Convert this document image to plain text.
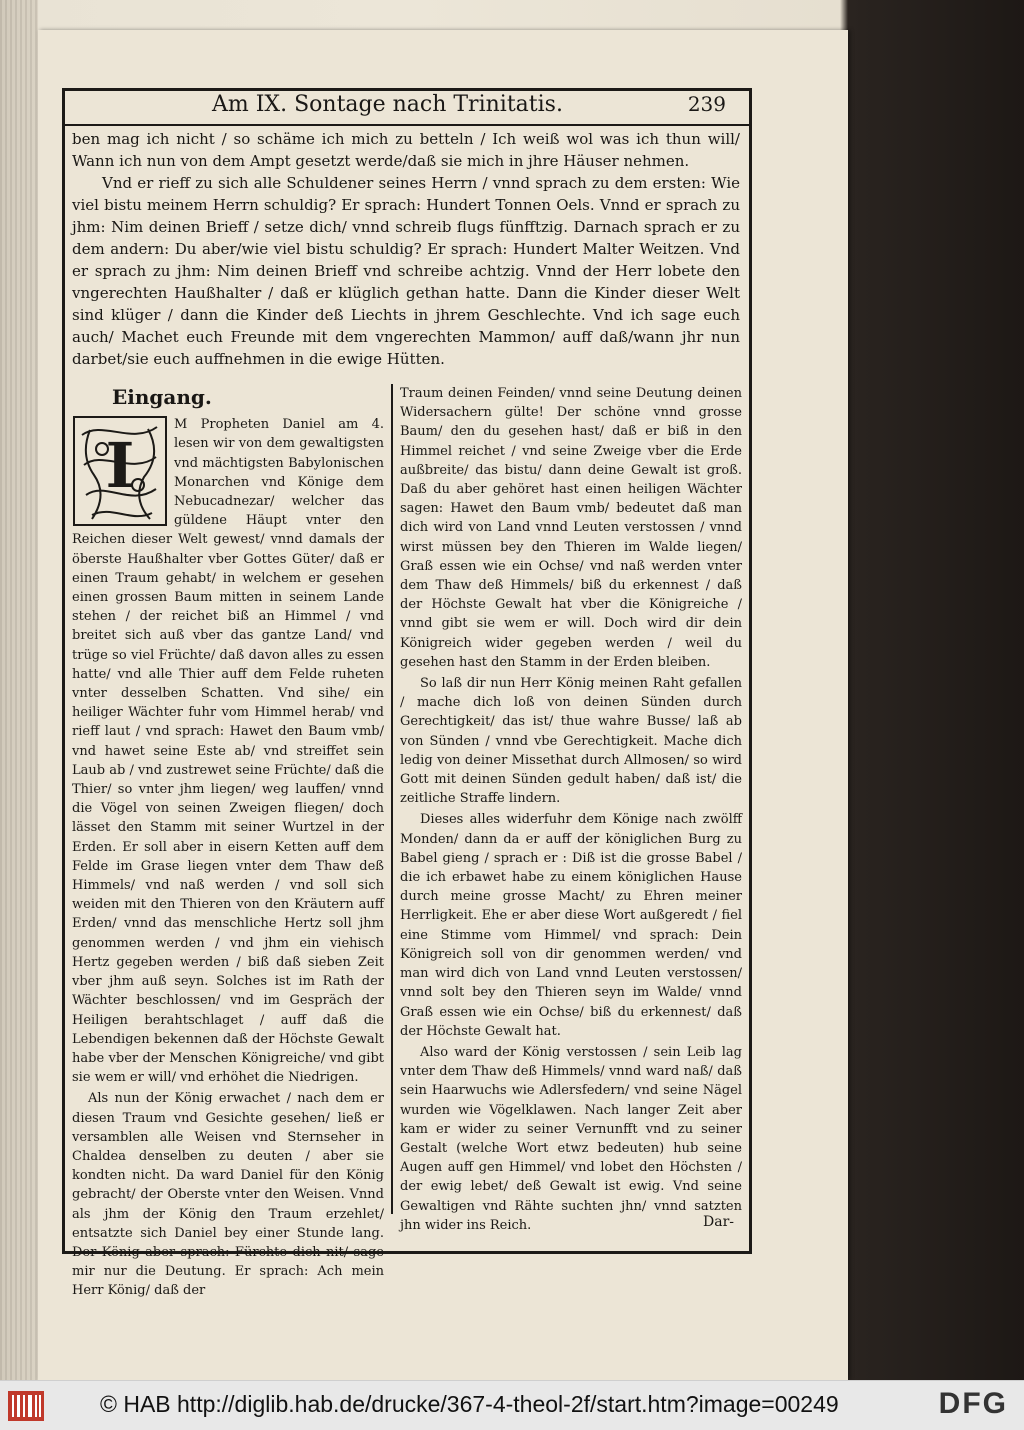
Am IX. Sontage nach Trinitatis.	239

ben mag ich nicht / so schäme ich mich zu betteln / Ich weiß wol was ich thun will/ Wann ich nun von dem Ampt gesetzt werde/daß sie mich in jhre Häuser nehmen.

Vnd er rieff zu sich alle Schuldener seines Herrn / vnnd sprach zu dem ersten: Wie viel bistu meinem Herrn schuldig? Er sprach: Hundert Tonnen Oels. Vnnd er sprach zu jhm: Nim deinen Brieff / setze dich/ vnnd schreib flugs fünfftzig. Darnach sprach er zu dem andern: Du aber/wie viel bistu schuldig? Er sprach: Hundert Malter Weitzen. Vnd er sprach zu jhm: Nim deinen Brieff vnd schreibe achtzig. Vnnd der Herr lobete den vngerechten Haußhalter / daß er klüglich gethan hatte. Dann die Kinder dieser Welt sind klüger / dann die Kinder deß Liechts in jhrem Geschlechte. Vnd ich sage euch auch/ Machet euch Freunde mit dem vngerechten Mammon/ auff daß/wann jhr nun darbet/sie euch auffnehmen in die ewige Hütten.

Eingang.
I

M Propheten Daniel am 4. lesen wir von dem gewaltigsten vnd mächtigsten Babylonischen Monarchen vnd Könige dem Nebucadnezar/ welcher das güldene Häupt vnter den Reichen dieser Welt gewest/ vnnd damals der öberste Haußhalter vber Gottes Güter/ daß er einen Traum gehabt/ in welchem er gesehen einen grossen Baum mitten in seinem Lande stehen / der reichet biß an Himmel / vnd breitet sich auß vber das gantze Land/ vnd trüge so viel Früchte/ daß davon alles zu essen hatte/ vnd alle Thier auff dem Felde ruheten vnter desselben Schatten. Vnd sihe/ ein heiliger Wächter fuhr vom Himmel herab/ vnd rieff laut / vnd sprach: Hawet den Baum vmb/ vnd hawet seine Este ab/ vnd streiffet sein Laub ab / vnd zustrewet seine Früchte/ daß die Thier/ so vnter jhm liegen/ weg lauffen/ vnnd die Vögel von seinen Zweigen fliegen/ doch lässet den Stamm mit seiner Wurtzel in der Erden. Er soll aber in eisern Ketten auff dem Felde im Grase liegen vnter dem Thaw deß Himmels/ vnd naß werden / vnd soll sich weiden mit den Thieren von den Kräutern auff Erden/ vnnd das menschliche Hertz soll jhm genommen werden / vnd jhm ein viehisch Hertz gegeben werden / biß daß sieben Zeit vber jhm auß seyn. Solches ist im Rath der Wächter beschlossen/ vnd im Gespräch der Heiligen berahtschlaget / auff daß die Lebendigen bekennen daß der Höchste Gewalt habe vber der Menschen Königreiche/ vnd gibt sie wem er will/ vnd erhöhet die Niedrigen.

Als nun der König erwachet / nach dem er diesen Traum vnd Gesichte gesehen/ ließ er versamblen alle Weisen vnd Sternseher in Chaldea denselben zu deuten / aber sie kondten nicht. Da ward Daniel für den König gebracht/ der Oberste vnter den Weisen. Vnnd als jhm der König den Traum erzehlet/ entsatzte sich Daniel bey einer Stunde lang. Der König aber sprach: Fürchte dich nit/ sage mir nur die Deutung. Er sprach: Ach mein Herr König/ daß der

Traum deinen Feinden/ vnnd seine Deutung deinen Widersachern gülte! Der schöne vnnd grosse Baum/ den du gesehen hast/ daß er biß in den Himmel reichet / vnd seine Zweige vber die Erde außbreite/ das bistu/ dann deine Gewalt ist groß. Daß du aber gehöret hast einen heiligen Wächter sagen: Hawet den Baum vmb/ bedeutet daß man dich wird von Land vnnd Leuten verstossen / vnnd wirst müssen bey den Thieren im Walde liegen/ Graß essen wie ein Ochse/ vnd naß werden vnter dem Thaw deß Himmels/ biß du erkennest / daß der Höchste Gewalt hat vber die Königreiche / vnnd gibt sie wem er will. Doch wird dir dein Königreich wider gegeben werden / weil du gesehen hast den Stamm in der Erden bleiben.

So laß dir nun Herr König meinen Raht gefallen / mache dich loß von deinen Sünden durch Gerechtigkeit/ das ist/ thue wahre Busse/ laß ab von Sünden / vnnd vbe Gerechtigkeit. Mache dich ledig von deiner Missethat durch Allmosen/ so wird Gott mit deinen Sünden gedult haben/ daß ist/ die zeitliche Straffe lindern.

Dieses alles widerfuhr dem Könige nach zwölff Monden/ dann da er auff der königlichen Burg zu Babel gieng / sprach er : Diß ist die grosse Babel / die ich erbawet habe zu einem königlichen Hause durch meine grosse Macht/ zu Ehren meiner Herrligkeit. Ehe er aber diese Wort außgeredt / fiel eine Stimme vom Himmel/ vnd sprach: Dein Königreich soll von dir genommen werden/ vnd man wird dich von Land vnnd Leuten verstossen/ vnnd solt bey den Thieren seyn im Walde/ vnnd Graß essen wie ein Ochse/ biß du erkennest/ daß der Höchste Gewalt hat.

Also ward der König verstossen / sein Leib lag vnter dem Thaw deß Himmels/ vnnd ward naß/ daß sein Haarwuchs wie Adlersfedern/ vnd seine Nägel wurden wie Vögelklawen. Nach langer Zeit aber kam er wider zu seiner Vernunfft vnd zu seiner Gestalt (welche Wort etwz bedeuten) hub seine Augen auff gen Himmel/ vnd lobet den Höchsten / der ewig lebet/ deß Gewalt ist ewig. Vnd seine Gewaltigen vnd Rähte suchten jhn/ vnnd satzten jhn wider ins Reich.	Dar-
© HAB http://diglib.hab.de/drucke/367-4-theol-2f/start.htm?image=00249	DFG
